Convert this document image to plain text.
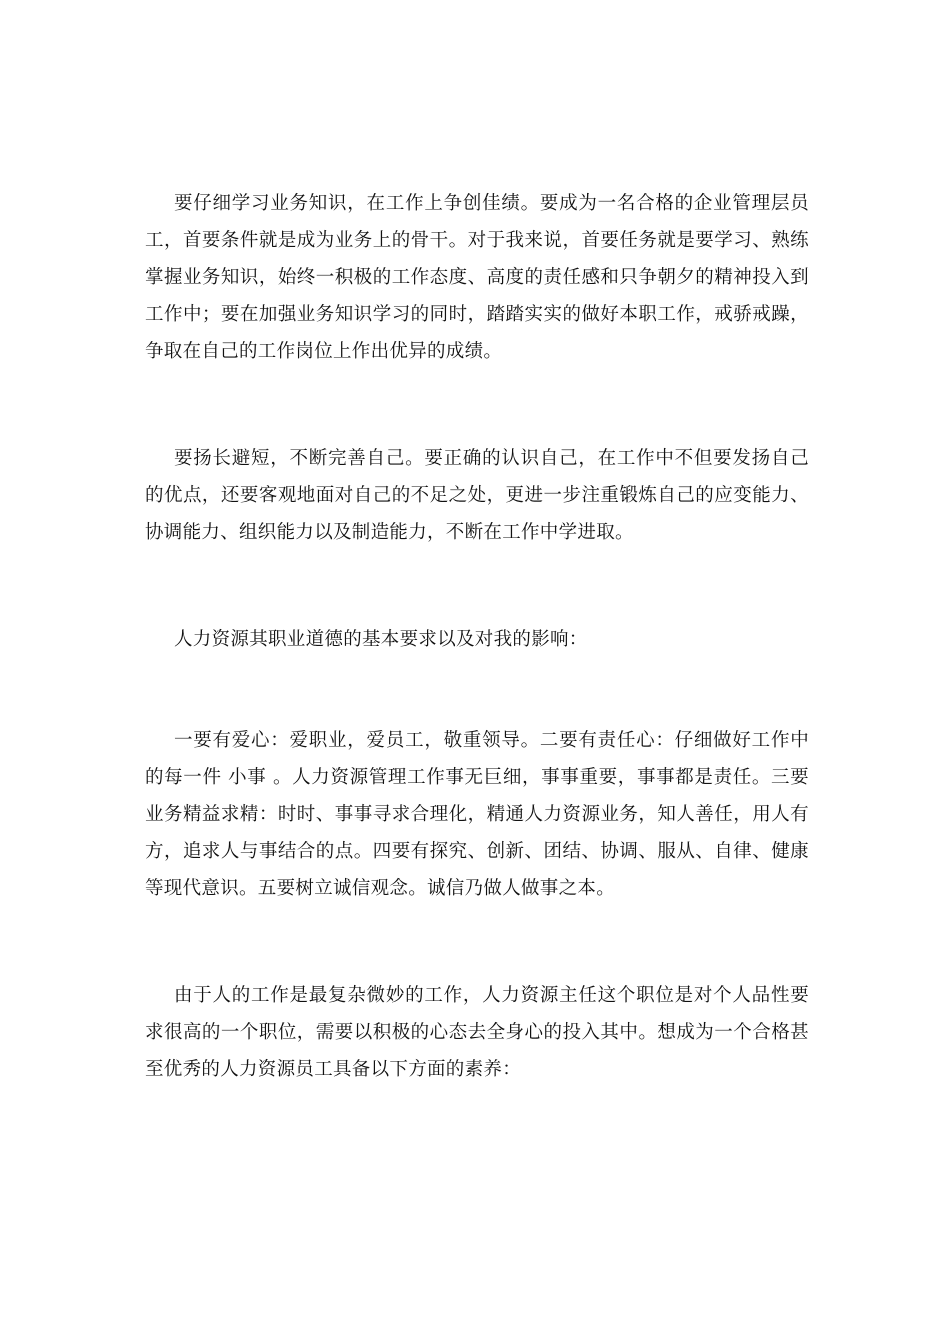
要仔细学习业务知识，在工作上争创佳绩。要成为一名合格的企业管理层员工，首要条件就是成为业务上的骨干。对于我来说，首要任务就是要学习、熟练掌握业务知识，始终一积极的工作态度、高度的责任感和只争朝夕的精神投入到工作中；要在加强业务知识学习的同时，踏踏实实的做好本职工作，戒骄戒躁，争取在自己的工作岗位上作出优异的成绩。

要扬长避短，不断完善自己。要正确的认识自己，在工作中不但要发扬自己的优点，还要客观地面对自己的不足之处，更进一步注重锻炼自己的应变能力、协调能力、组织能力以及制造能力，不断在工作中学进取。

人力资源其职业道德的基本要求以及对我的影响：

一要有爱心：爱职业，爱员工，敬重领导。二要有责任心：仔细做好工作中的每一件 小事 。人力资源管理工作事无巨细，事事重要，事事都是责任。三要业务精益求精：时时、事事寻求合理化，精通人力资源业务，知人善任，用人有方，追求人与事结合的点。四要有探究、创新、团结、协调、服从、自律、健康等现代意识。五要树立诚信观念。诚信乃做人做事之本。

由于人的工作是最复杂微妙的工作，人力资源主任这个职位是对个人品性要求很高的一个职位，需要以积极的心态去全身心的投入其中。想成为一个合格甚至优秀的人力资源员工具备以下方面的素养：
